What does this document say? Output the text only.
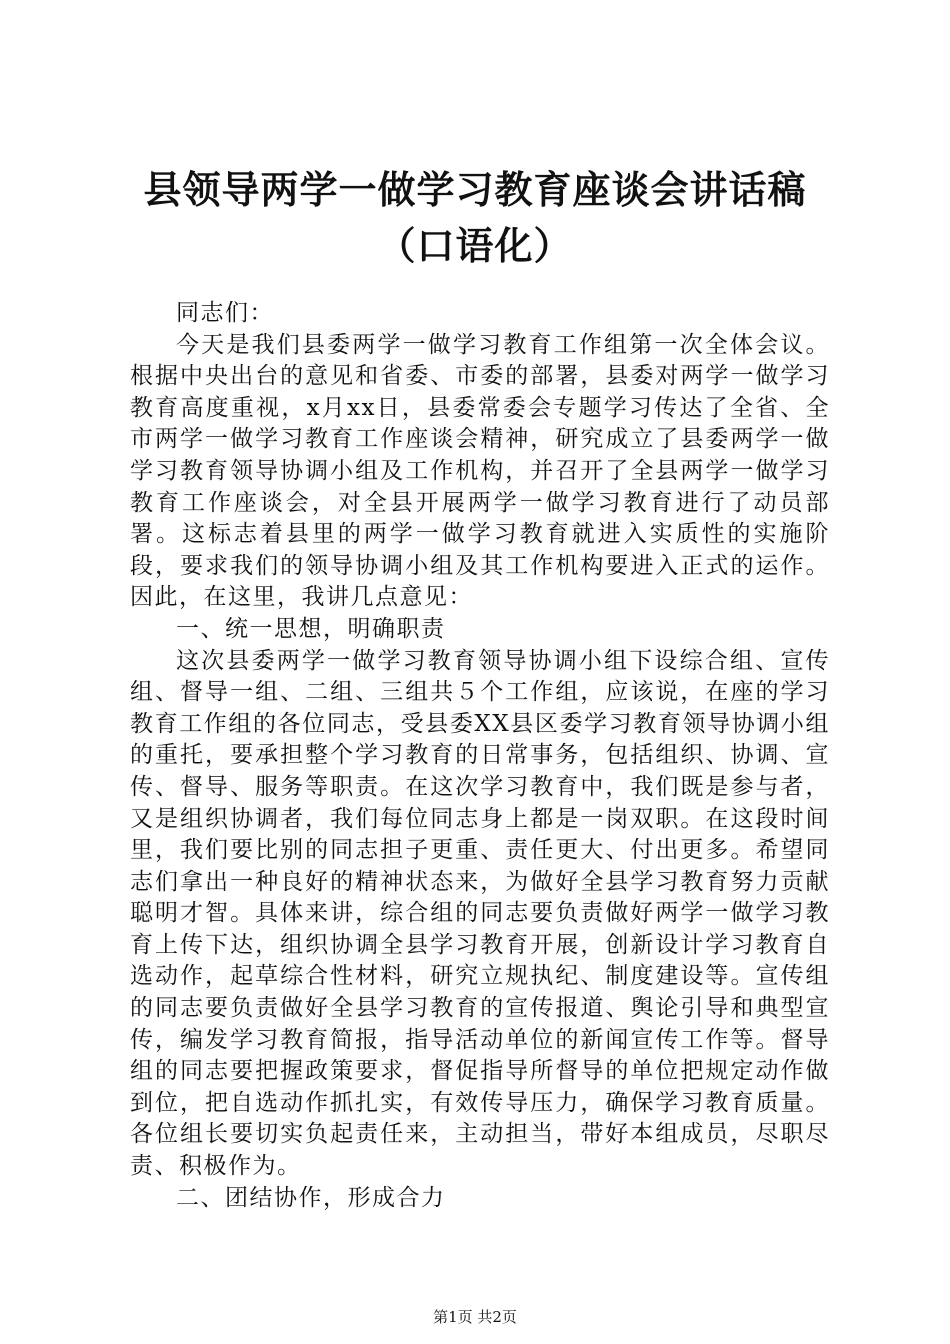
县领导两学一做学习教育座谈会讲话稿（口语化）

同志们：

今天是我们县委两学一做学习教育工作组第一次全体会议。根据中央出台的意见和省委、市委的部署，县委对两学一做学习教育高度重视，x月xx日，县委常委会专题学习传达了全省、全市两学一做学习教育工作座谈会精神，研究成立了县委两学一做学习教育领导协调小组及工作机构，并召开了全县两学一做学习教育工作座谈会，对全县开展两学一做学习教育进行了动员部署。这标志着县里的两学一做学习教育就进入实质性的实施阶段，要求我们的领导协调小组及其工作机构要进入正式的运作。因此，在这里，我讲几点意见：

一、统一思想，明确职责

这次县委两学一做学习教育领导协调小组下设综合组、宣传组、督导一组、二组、三组共５个工作组，应该说，在座的学习教育工作组的各位同志，受县委XX县区委学习教育领导协调小组的重托，要承担整个学习教育的日常事务，包括组织、协调、宣传、督导、服务等职责。在这次学习教育中，我们既是参与者，又是组织协调者，我们每位同志身上都是一岗双职。在这段时间里，我们要比别的同志担子更重、责任更大、付出更多。希望同志们拿出一种良好的精神状态来，为做好全县学习教育努力贡献聪明才智。具体来讲，综合组的同志要负责做好两学一做学习教育上传下达，组织协调全县学习教育开展，创新设计学习教育自选动作，起草综合性材料，研究立规执纪、制度建设等。宣传组的同志要负责做好全县学习教育的宣传报道、舆论引导和典型宣传，编发学习教育简报，指导活动单位的新闻宣传工作等。督导组的同志要把握政策要求，督促指导所督导的单位把规定动作做到位，把自选动作抓扎实，有效传导压力，确保学习教育质量。各位组长要切实负起责任来，主动担当，带好本组成员，尽职尽责、积极作为。

二、团结协作，形成合力

第1页 共2页
